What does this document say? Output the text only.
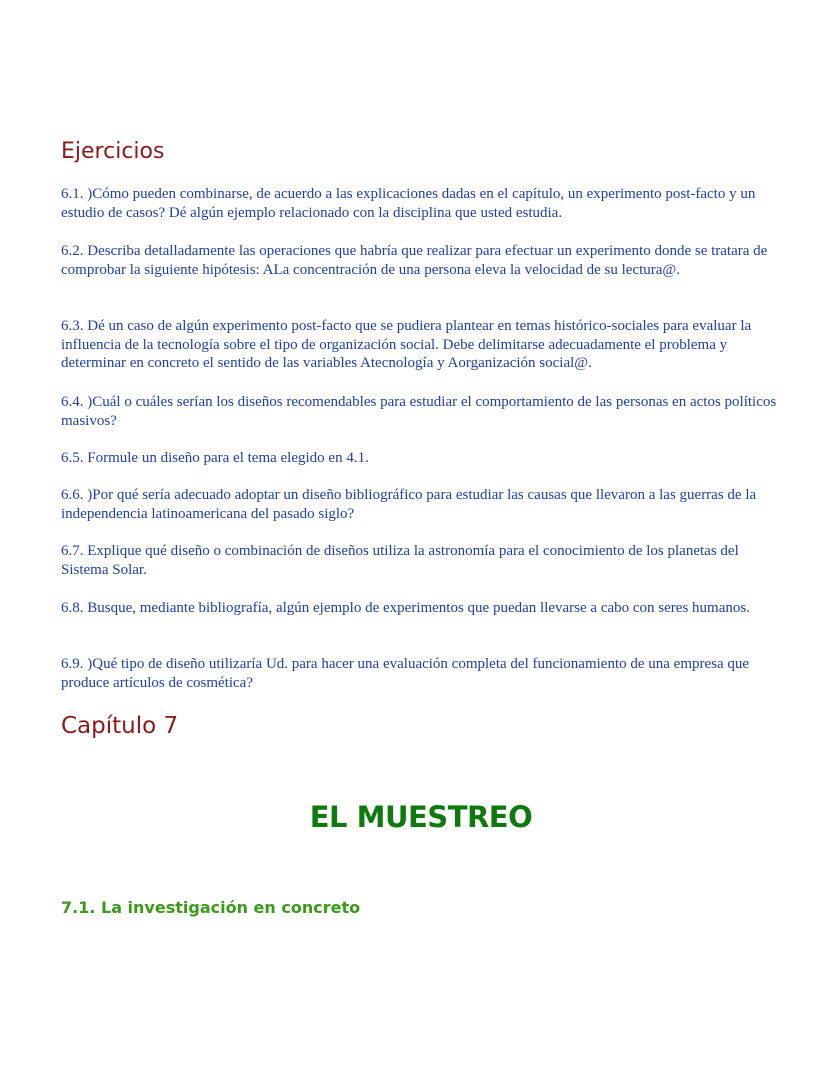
Ejercicios

6.1. )Cómo pueden combinarse, de acuerdo a las explicaciones dadas en el capítulo, un experimento post-facto y un estudio de casos? Dé algún ejemplo relacionado con la disciplina que usted estudia.

6.2. Describa detalladamente las operaciones que habría que realizar para efectuar un experimento donde se tratara de comprobar la siguiente hipótesis: ALa concentración de una persona eleva la velocidad de su lectura@.

6.3. Dé un caso de algún experimento post-facto que se pudiera plantear en temas histórico-sociales para evaluar la influencia de la tecnología sobre el tipo de organización social. Debe delimitarse adecuadamente el problema y determinar en concreto el sentido de las variables Atecnología y Aorganización social@.

6.4. )Cuál o cuáles serían los diseños recomendables para estudiar el comportamiento de las personas en actos políticos masivos?

6.5. Formule un diseño para el tema elegido en 4.1.

6.6. )Por qué sería adecuado adoptar un diseño bibliográfico para estudiar las causas que llevaron a las guerras de la independencia latinoamericana del pasado siglo?

6.7. Explique qué diseño o combinación de diseños utiliza la astronomía para el conocimiento de los planetas del Sistema Solar.

6.8. Busque, mediante bibliografía, algún ejemplo de experimentos que puedan llevarse a cabo con seres humanos.

6.9. )Qué tipo de diseño utilizaría Ud. para hacer una evaluación completa del funcionamiento de una empresa que produce artículos de cosmética?

Capítulo 7
EL MUESTREO
7.1. La investigación en concreto
